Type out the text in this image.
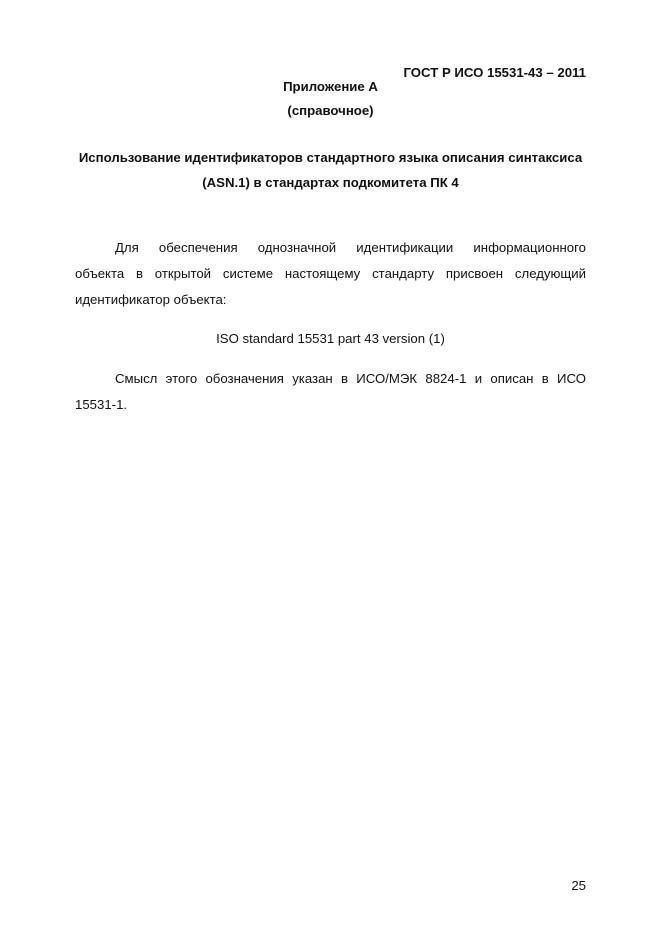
ГОСТ Р ИСО 15531-43 – 2011
Приложение А
(справочное)
Использование идентификаторов стандартного языка описания синтаксиса
(ASN.1) в стандартах подкомитета ПК 4
Для обеспечения однозначной идентификации информационного
объекта в открытой системе настоящему стандарту присвоен следующий
идентификатор объекта:
ISO standard 15531 part 43 version (1)
Смысл этого обозначения указан в ИСО/МЭК 8824-1 и описан в ИСО
15531-1.
25
